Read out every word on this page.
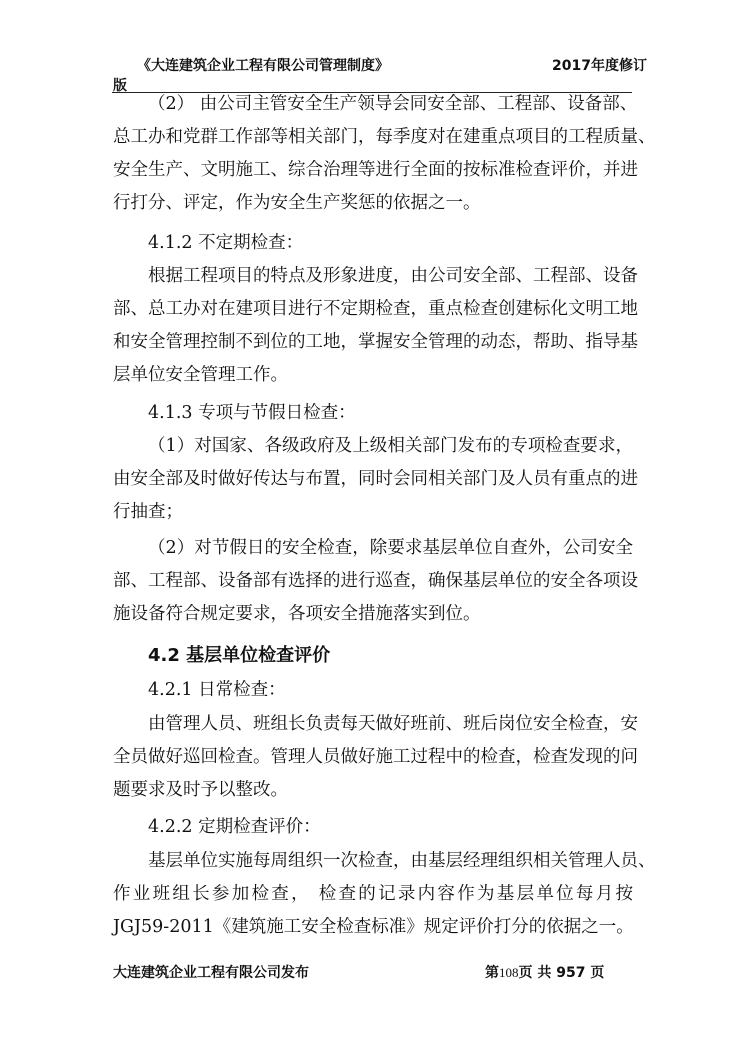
《大连建筑企业工程有限公司管理制度》	2017年度修订
版
（2） 由公司主管安全生产领导会同安全部、工程部、设备部、
总工办和党群工作部等相关部门，每季度对在建重点项目的工程质量、
安全生产、文明施工、综合治理等进行全面的按标准检查评价，并进
行打分、评定，作为安全生产奖惩的依据之一。
4.1.2 不定期检查：
根据工程项目的特点及形象进度，由公司安全部、工程部、设备
部、总工办对在建项目进行不定期检查，重点检查创建标化文明工地
和安全管理控制不到位的工地，掌握安全管理的动态，帮助、指导基
层单位安全管理工作。
4.1.3 专项与节假日检查：
（1）对国家、各级政府及上级相关部门发布的专项检查要求，
由安全部及时做好传达与布置，同时会同相关部门及人员有重点的进
行抽查；
（2）对节假日的安全检查，除要求基层单位自查外，公司安全
部、工程部、设备部有选择的进行巡查，确保基层单位的安全各项设
施设备符合规定要求，各项安全措施落实到位。
4.2 基层单位检查评价
4.2.1 日常检查：
由管理人员、班组长负责每天做好班前、班后岗位安全检查，安
全员做好巡回检查。管理人员做好施工过程中的检查，检查发现的问
题要求及时予以整改。
4.2.2 定期检查评价：
基层单位实施每周组织一次检查，由基层经理组织相关管理人员、
作业班组长参加检查， 检查的记录内容作为基层单位每月按
JGJ59-2011《建筑施工安全检查标准》规定评价打分的依据之一。
大连建筑企业工程有限公司发布	第108页 共 957 页
